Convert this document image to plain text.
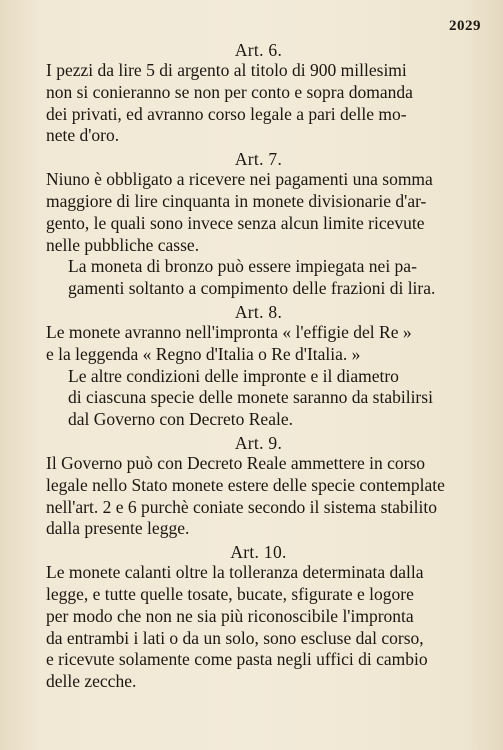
2029
Art. 6.

I pezzi da lire 5 di argento al titolo di 900 millesimi
non si conieranno se non per conto e sopra domanda
dei privati, ed avranno corso legale a pari delle mo-
nete d'oro.

Art. 7.

Niuno è obbligato a ricevere nei pagamenti una somma
maggiore di lire cinquanta in monete divisionarie d'ar-
gento, le quali sono invece senza alcun limite ricevute
nelle pubbliche casse.

La moneta di bronzo può essere impiegata nei pa-
gamenti soltanto a compimento delle frazioni di lira.

Art. 8.

Le monete avranno nell'impronta « l'effigie del Re »
e la leggenda « Regno d'Italia o Re d'Italia. »

Le altre condizioni delle impronte e il diametro
di ciascuna specie delle monete saranno da stabilirsi
dal Governo con Decreto Reale.

Art. 9.

Il Governo può con Decreto Reale ammettere in corso
legale nello Stato monete estere delle specie contemplate
nell'art. 2 e 6 purchè coniate secondo il sistema stabilito
dalla presente legge.

Art. 10.

Le monete calanti oltre la tolleranza determinata dalla
legge, e tutte quelle tosate, bucate, sfigurate e logore
per modo che non ne sia più riconoscibile l'impronta
da entrambi i lati o da un solo, sono escluse dal corso,
e ricevute solamente come pasta negli uffici di cambio
delle zecche.
